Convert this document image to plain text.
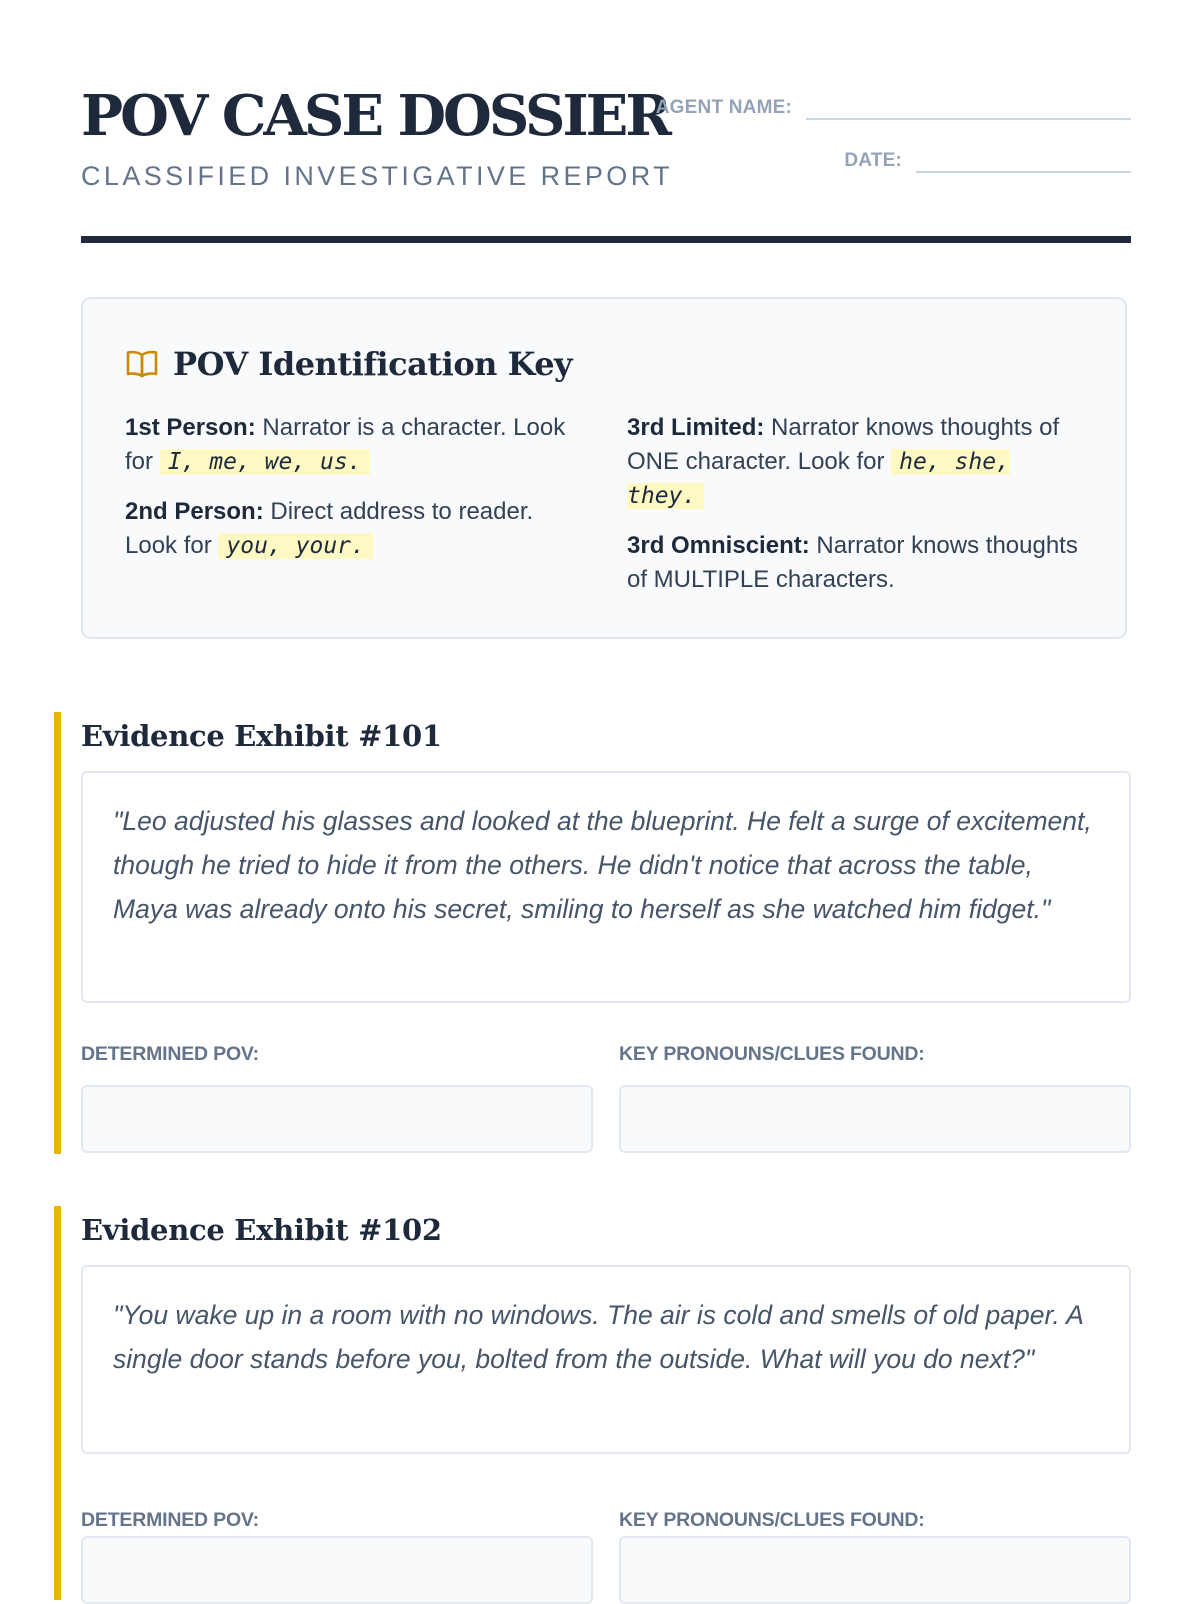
POV CASE DOSSIER
CLASSIFIED INVESTIGATIVE REPORT
AGENT NAME:
DATE:
POV Identification Key

1st Person: Narrator is a character. Look for I, me, we, us.

2nd Person: Direct address to reader. Look for you, your.

3rd Limited: Narrator knows thoughts of ONE character. Look for he, she, they.

3rd Omniscient: Narrator knows thoughts of MULTIPLE characters.

Evidence Exhibit #101
"Leo adjusted his glasses and looked at the blueprint. He felt a surge of excitement, though he tried to hide it from the others. He didn't notice that across the table, Maya was already onto his secret, smiling to herself as she watched him fidget."
DETERMINED POV:	KEY PRONOUNS/CLUES FOUND:
Evidence Exhibit #102
"You wake up in a room with no windows. The air is cold and smells of old paper. A single door stands before you, bolted from the outside. What will you do next?"
DETERMINED POV:	KEY PRONOUNS/CLUES FOUND:
